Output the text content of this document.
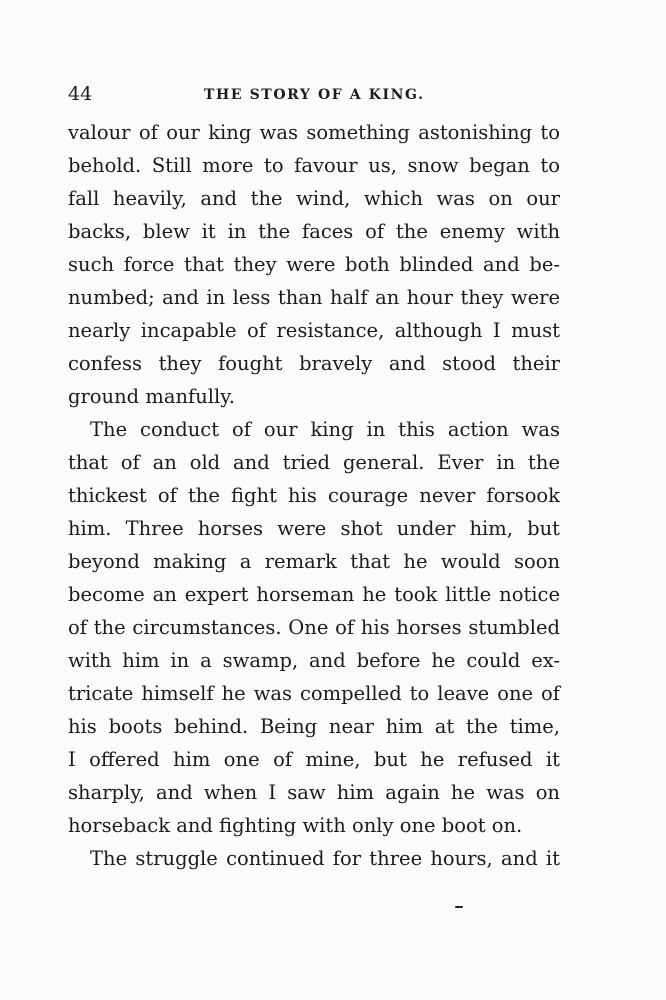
44	THE STORY OF A KING.
valour of our king was something astonishing to
behold. Still more to favour us, snow began to
fall heavily, and the wind, which was on our
backs, blew it in the faces of the enemy with
such force that they were both blinded and be-
numbed; and in less than half an hour they were
nearly incapable of resistance, although I must
confess they fought bravely and stood their
ground manfully.
The conduct of our king in this action was
that of an old and tried general. Ever in the
thickest of the fight his courage never forsook
him. Three horses were shot under him, but
beyond making a remark that he would soon
become an expert horseman he took little notice
of the circumstances. One of his horses stumbled
with him in a swamp, and before he could ex-
tricate himself he was compelled to leave one of
his boots behind. Being near him at the time,
I offered him one of mine, but he refused it
sharply, and when I saw him again he was on
horseback and fighting with only one boot on.
The struggle continued for three hours, and it
